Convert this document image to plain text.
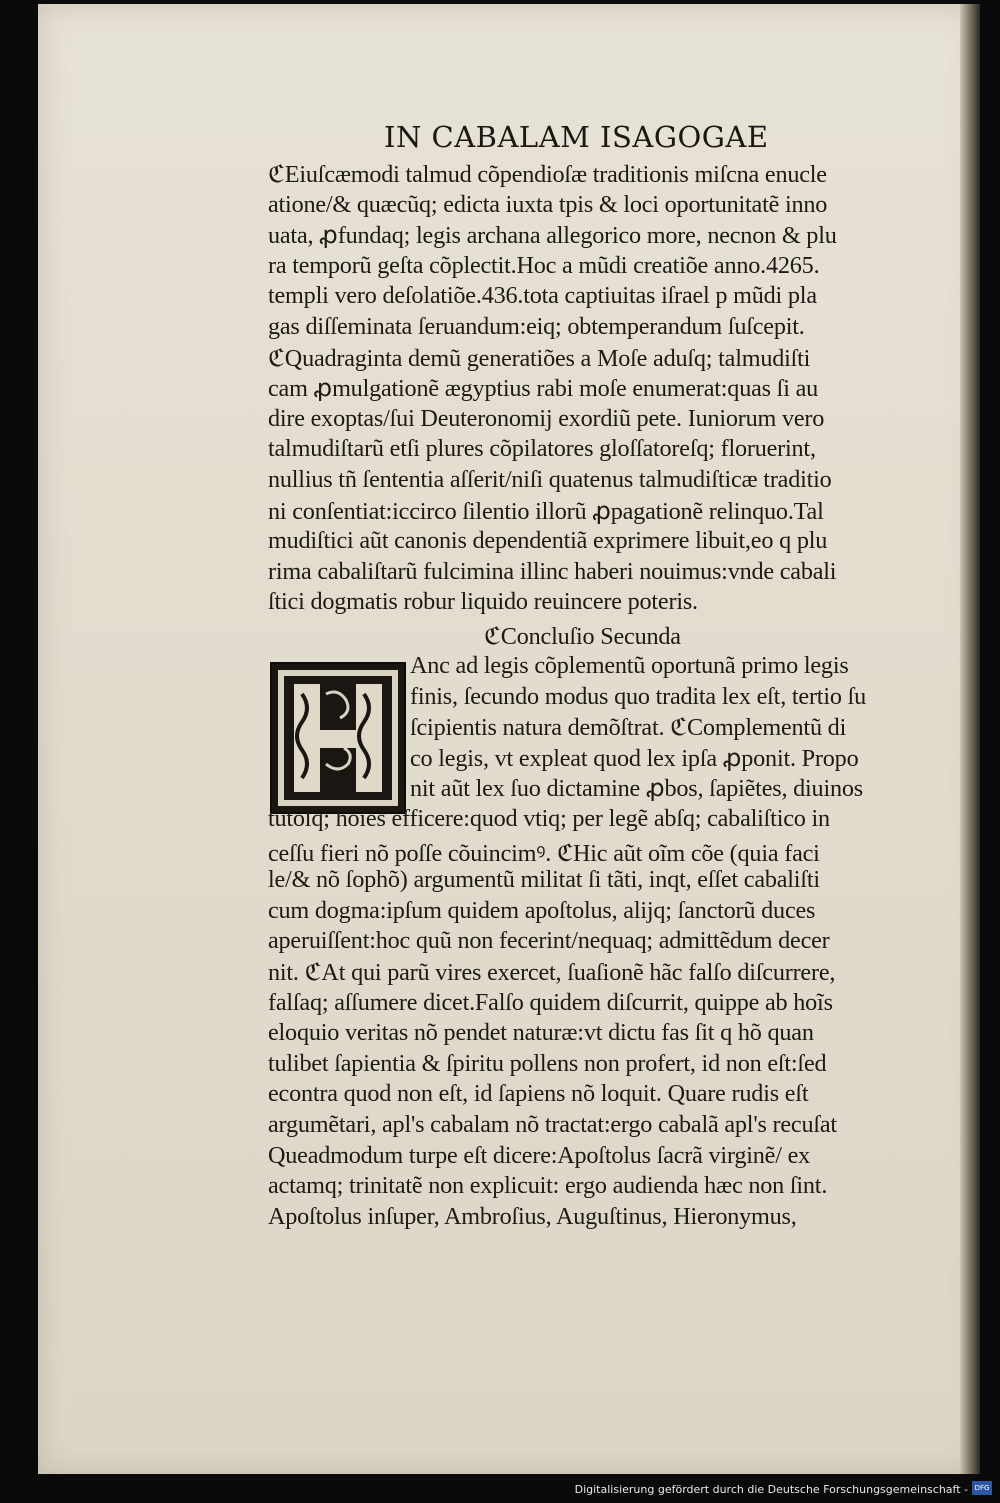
IN CABALAM ISAGOGAE
ℭEiuſcæmodi talmud cõpendioſæ traditionis miſcna enucle
atione/& quæcũq; edicta iuxta tpis & loci oportunitatẽ inno
uata, ꝓfundaq; legis archana allegorico more, necnon & plu
ra temporũ geſta cõplectit.Hoc a mũdi creatiõe anno.4265.
templi vero deſolatiõe.436.tota captiuitas iſrael p mũdi pla
gas diſſeminata ſeruandum:eiq; obtemperandum ſuſcepit.
ℭQuadraginta demũ generatiões a Moſe aduſq; talmudiſti
cam ꝓmulgationẽ ægyptius rabi moſe enumerat:quas ſi au
dire exoptas/ſui Deuteronomij exordiũ pete. Iuniorum vero
talmudiſtarũ etſi plures cõpilatores gloſſatoreſq; floruerint,
nullius tñ ſententia aſſerit/niſi quatenus talmudiſticæ traditio
ni conſentiat:iccirco ſilentio illorũ ꝓpagationẽ relinquo.Tal
mudiſtici aũt canonis dependentiã exprimere libuit,eo q plu
rima cabaliſtarũ fulcimina illinc haberi nouimus:vnde cabali
ſtici dogmatis robur liquido reuincere poteris.
ℭConcluſio Secunda
Anc ad legis cõplementũ oportunã primo legis
finis, ſecundo modus quo tradita lex eſt, tertio ſu
ſcipientis natura demõſtrat. ℭComplementũ di
co legis, vt expleat quod lex ipſa ꝓponit. Propo
nit aũt lex ſuo dictamine ꝓbos, ſapiẽtes, diuinos
tutoſq; hoĩes efficere:quod vtiq; per legẽ abſq; cabaliſtico in
ceſſu fieri nõ poſſe cõuincimꝰ. ℭHic aũt oĩm cõe (quia faci
le/& nõ ſophõ) argumentũ militat ſi tãti, inqt, eſſet cabaliſti
cum dogma:ipſum quidem apoſtolus, alijq; ſanctorũ duces
aperuiſſent:hoc quũ non fecerint/nequaq; admittẽdum decer
nit. ℭAt qui parũ vires exercet, ſuaſionẽ hãc falſo diſcurrere,
falſaq; aſſumere dicet.Falſo quidem diſcurrit, quippe ab hoĩs
eloquio veritas nõ pendet naturæ:vt dictu fas ſit q hõ quan
tulibet ſapientia & ſpiritu pollens non profert, id non eſt:ſed
econtra quod non eſt, id ſapiens nõ loquit. Quare rudis eſt
argumẽtari, apl's cabalam nõ tractat:ergo cabalã apl's recuſat
Queadmodum turpe eſt dicere:Apoſtolus ſacrã virginẽ/ ex
actamq; trinitatẽ non explicuit: ergo audienda hæc non ſint.
Apoſtolus inſuper, Ambroſius, Auguſtinus, Hieronymus,
Digitalisierung gefördert durch die Deutsche Forschungsgemeinschaft - DFG
